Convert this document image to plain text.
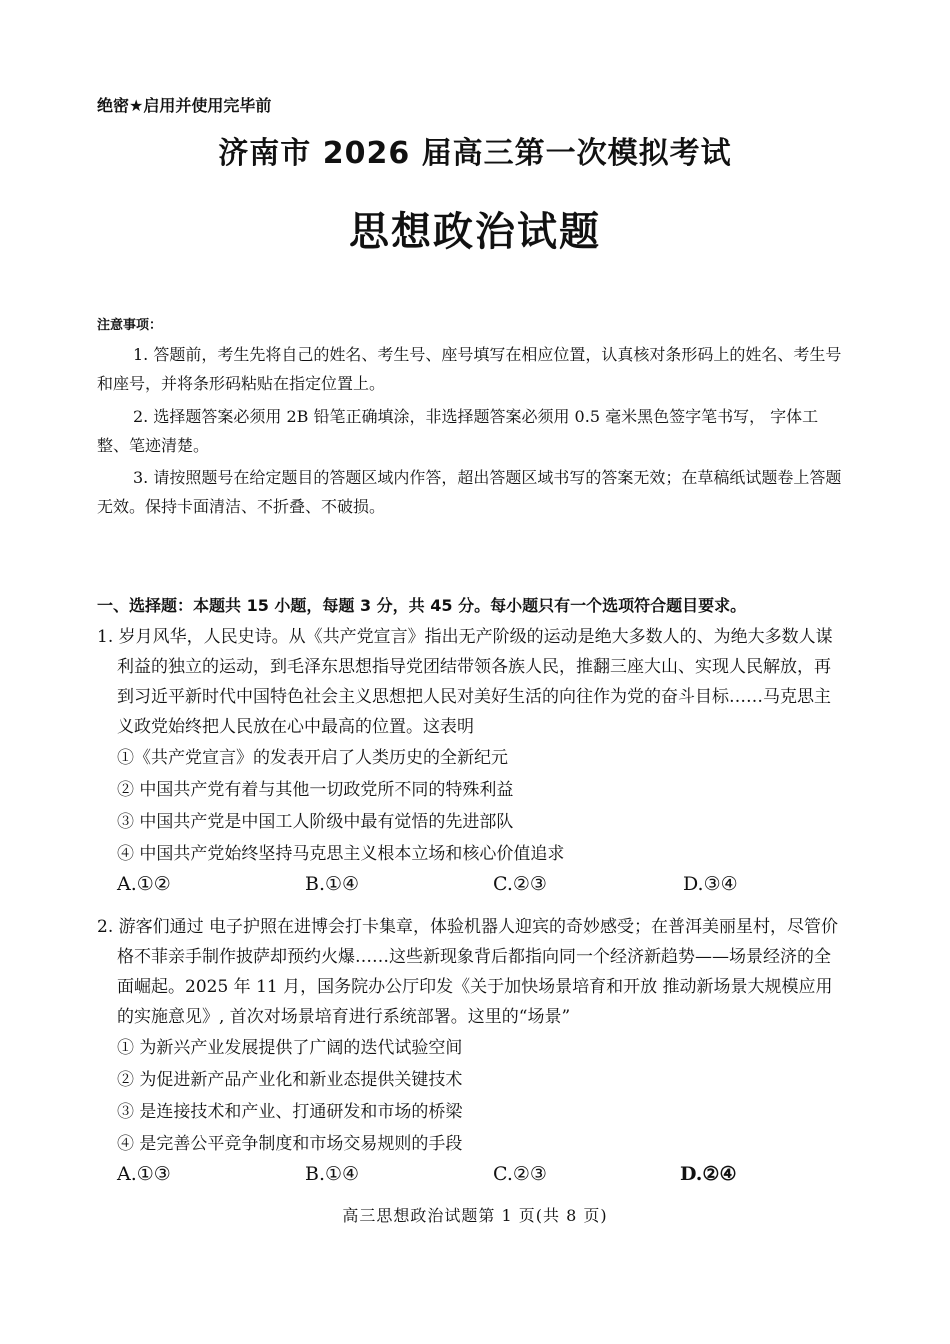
绝密★启用并使用完毕前
济南市 2026 届高三第一次模拟考试
思想政治试题
注意事项：
1. 答题前，考生先将自己的姓名、考生号、座号填写在相应位置，认真核对条形码上的姓名、考生号和座号，并将条形码粘贴在指定位置上。
2. 选择题答案必须用 2B 铅笔正确填涂，非选择题答案必须用 0.5 毫米黑色签字笔书写， 字体工整、笔迹清楚。
3. 请按照题号在给定题目的答题区域内作答，超出答题区域书写的答案无效；在草稿纸试题卷上答题无效。保持卡面清洁、不折叠、不破损。
一、选择题：本题共 15 小题，每题 3 分，共 45 分。每小题只有一个选项符合题目要求。
1. 岁月风华，人民史诗。从《共产党宣言》指出无产阶级的运动是绝大多数人的、为绝大多数人谋利益的独立的运动，到毛泽东思想指导党团结带领各族人民，推翻三座大山、实现人民解放，再到习近平新时代中国特色社会主义思想把人民对美好生活的向往作为党的奋斗目标……马克思主义政党始终把人民放在心中最高的位置。这表明
①《共产党宣言》的发表开启了人类历史的全新纪元
② 中国共产党有着与其他一切政党所不同的特殊利益
③ 中国共产党是中国工人阶级中最有觉悟的先进部队
④ 中国共产党始终坚持马克思主义根本立场和核心价值追求
A.①②	B.①④	C.②③	D.③④
2. 游客们通过 电子护照在进博会打卡集章，体验机器人迎宾的奇妙感受；在普洱美丽星村，尽管价格不菲亲手制作披萨却预约火爆……这些新现象背后都指向同一个经济新趋势——场景经济的全面崛起。2025 年 11 月，国务院办公厅印发《关于加快场景培育和开放 推动新场景大规模应用的实施意见》, 首次对场景培育进行系统部署。这里的“场景”
① 为新兴产业发展提供了广阔的迭代试验空间
② 为促进新产品产业化和新业态提供关键技术
③ 是连接技术和产业、打通研发和市场的桥梁
④ 是完善公平竞争制度和市场交易规则的手段
A.①③	B.①④	C.②③	D.②④
高三思想政治试题第 1 页(共 8 页)
